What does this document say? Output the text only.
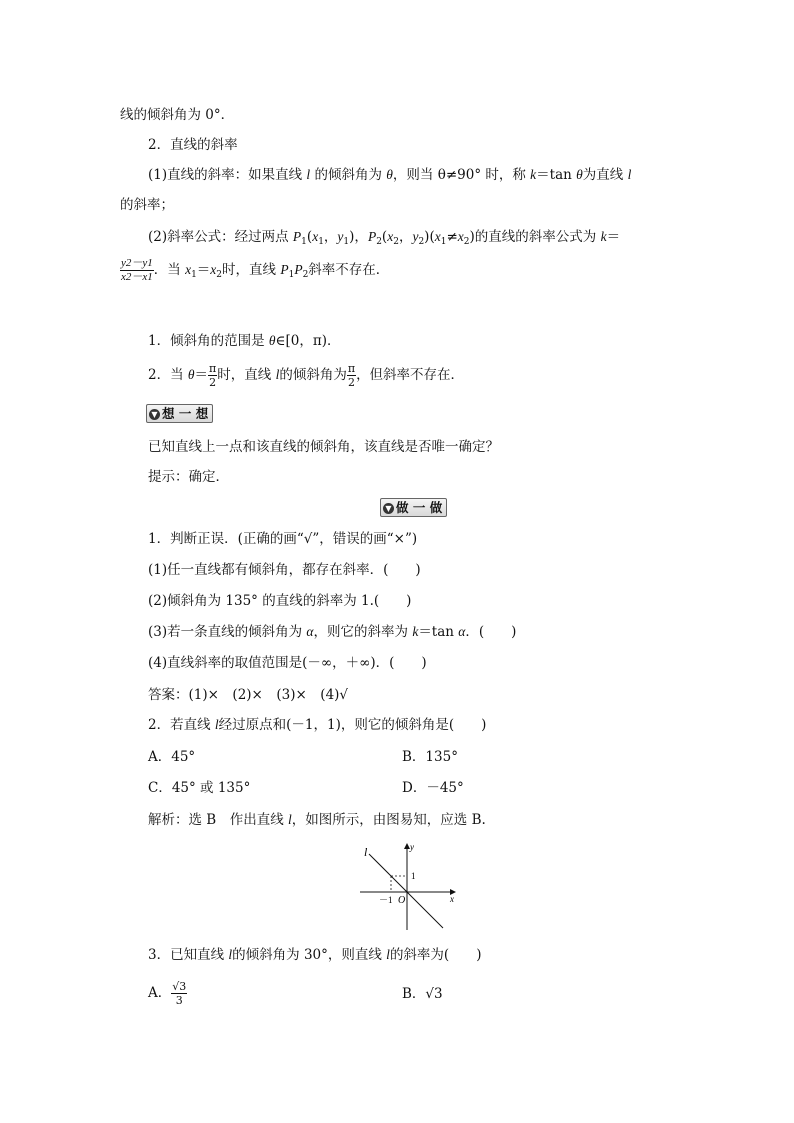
线的倾斜角为 0°．
2．直线的斜率
(1)直线的斜率：如果直线 l 的倾斜角为 θ，则当 θ≠90° 时，称 k＝tan θ为直线 l
的斜率；
(2)斜率公式：经过两点 $P_1(x_1$，$y_1$)，$P_2(x_2$，$y_2)(x_1\ne x_2)$的直线的斜率公式为 k＝
$\frac{y2-y1}{x2-x1}$ ．当 $x_1=x_2$时，直线 $P_1P_2$斜率不存在．
1．倾斜角的范围是 θ∈[0，π)．
2．当 $\theta= \frac{\pi}{2}$ 时，直线 l的倾斜角为 $\frac{\pi}{2}$ ，但斜率不存在．
▼ 想 一 想
已知直线上一点和该直线的倾斜角，该直线是否唯一确定？
提示：确定．
▼ 做 一 做
1．判断正误．(正确的画“√”，错误的画“×”)
(1)任一直线都有倾斜角，都存在斜率．(　　)
(2)倾斜角为 135° 的直线的斜率为 1.(　　)
(3)若一条直线的倾斜角为 α，则它的斜率为 k＝tan α．(　　)
(4)直线斜率的取值范围是(－∞，＋∞)．(　　)
答案：(1)×　(2)×　(3)×　(4)√
2．若直线 l经过原点和(－1，1)，则它的倾斜角是(　　)
A．45°	B．135°
C．45° 或 135°	D．－45°
解析：选 B　作出直线 l，如图所示，由图易知，应选 B.
l	y
x
O
1
－1
3．已知直线 l的倾斜角为 30°，则直线 l的斜率为(　　)
A． $\frac{√3}{3}$	B．√3
